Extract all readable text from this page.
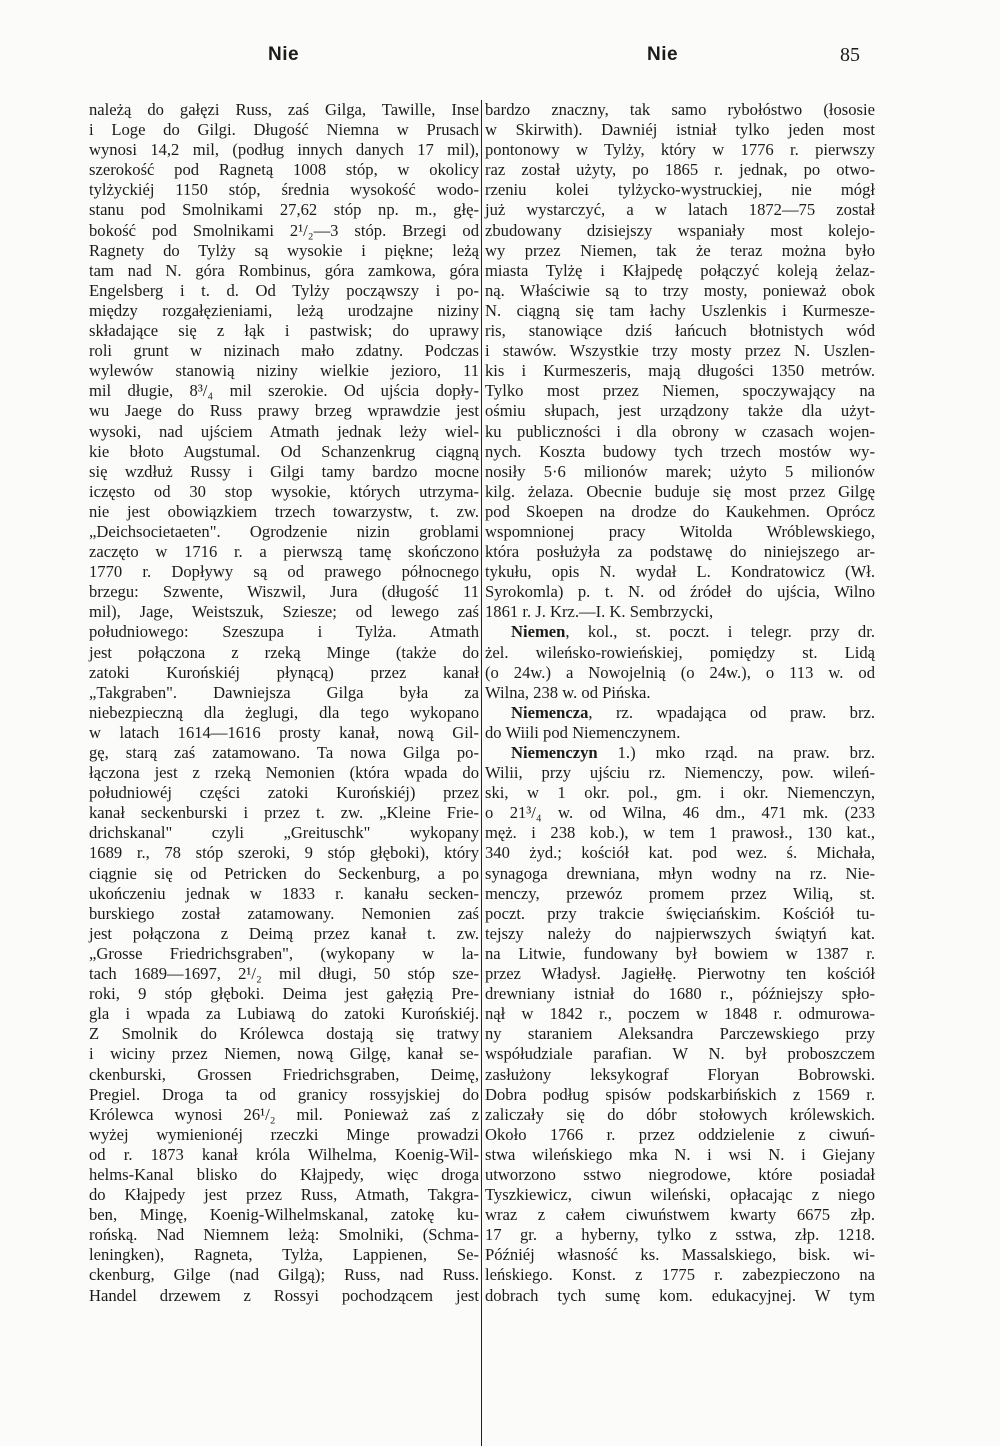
Nie	Nie	85
należą do gałęzi Russ, zaś Gilga, Tawille, Inse
i Loge do Gilgi. Długość Niemna w Prusach
wynosi 14,2 mil, (podług innych danych 17 mil),
szerokość pod Ragnetą 1008 stóp, w okolicy
tylżyckiéj 1150 stóp, średnia wysokość wodo-
stanu pod Smolnikami 27,62 stóp np. m., głę-
bokość pod Smolnikami 2¹/₂—3 stóp. Brzegi od
Ragnety do Tylży są wysokie i piękne; leżą
tam nad N. góra Rombinus, góra zamkowa, góra
Engelsberg i t. d. Od Tylży począwszy i po-
między rozgałęzieniami, leżą urodzajne niziny
składające się z łąk i pastwisk; do uprawy
roli grunt w nizinach mało zdatny. Podczas
wylewów stanowią niziny wielkie jezioro, 11
mil długie, 8³/₄ mil szerokie. Od ujścia dopły-
wu Jaege do Russ prawy brzeg wprawdzie jest
wysoki, nad ujściem Atmath jednak leży wiel-
kie błoto Augstumal. Od Schanzenkrug ciągną
się wzdłuż Russy i Gilgi tamy bardzo mocne
iczęsto od 30 stop wysokie, których utrzyma-
nie jest obowiązkiem trzech towarzystw, t. zw.
„Deichsocietaeten". Ogrodzenie nizin groblami
zaczęto w 1716 r. a pierwszą tamę skończono
1770 r. Dopływy są od prawego północnego
brzegu: Szwente, Wiszwil, Jura (długość 11
mil), Jage, Weistszuk, Sziesze; od lewego zaś
południowego: Szeszupa i Tylża. Atmath
jest połączona z rzeką Minge (także do
zatoki Kurońskiéj płynącą) przez kanał
„Takgraben". Dawniejsza Gilga była za
niebezpieczną dla żeglugi, dla tego wykopano
w latach 1614—1616 prosty kanał, nową Gil-
gę, starą zaś zatamowano. Ta nowa Gilga po-
łączona jest z rzeką Nemonien (która wpada do
południowéj części zatoki Kurońskiéj) przez
kanał seckenburski i przez t. zw. „Kleine Frie-
drichskanal" czyli „Greituschk" wykopany
1689 r., 78 stóp szeroki, 9 stóp głęboki), który
ciągnie się od Petricken do Seckenburg, a po
ukończeniu jednak w 1833 r. kanału secken-
burskiego został zatamowany. Nemonien zaś
jest połączona z Deimą przez kanał t. zw.
„Grosse Friedrichsgraben", (wykopany w la-
tach 1689—1697, 2¹/₂ mil długi, 50 stóp sze-
roki, 9 stóp głęboki. Deima jest gałęzią Pre-
gla i wpada za Lubiawą do zatoki Kurońskiéj.
Z Smolnik do Królewca dostają się tratwy
i wiciny przez Niemen, nową Gilgę, kanał se-
ckenburski, Grossen Friedrichsgraben, Deimę,
Pregiel. Droga ta od granicy rossyjskiej do
Królewca wynosi 26¹/₂ mil. Ponieważ zaś z
wyżej wymienionéj rzeczki Minge prowadzi
od r. 1873 kanał króla Wilhelma, Koenig-Wil-
helms-Kanal blisko do Kłajpedy, więc droga
do Kłajpedy jest przez Russ, Atmath, Takgra-
ben, Mingę, Koenig-Wilhelmskanal, zatokę ku-
rońską. Nad Niemnem leżą: Smolniki, (Schma-
leningken), Ragneta, Tylża, Lappienen, Se-
ckenburg, Gilge (nad Gilgą); Russ, nad Russ.
Handel drzewem z Rossyi pochodzącem jest
bardzo znaczny, tak samo rybołóstwo (łososie
w Skirwith). Dawniéj istniał tylko jeden most
pontonowy w Tylży, który w 1776 r. pierwszy
raz został użyty, po 1865 r. jednak, po otwo-
rzeniu kolei tylżycko-wystruckiej, nie mógł
już wystarczyć, a w latach 1872—75 został
zbudowany dzisiejszy wspaniały most kolejo-
wy przez Niemen, tak że teraz można było
miasta Tylżę i Kłajpedę połączyć koleją żelaz-
ną. Właściwie są to trzy mosty, ponieważ obok
N. ciągną się tam łachy Uszlenkis i Kurmesze-
ris, stanowiące dziś łańcuch błotnistych wód
i stawów. Wszystkie trzy mosty przez N. Uszlen-
kis i Kurmeszeris, mają długości 1350 metrów.
Tylko most przez Niemen, spoczywający na
ośmiu słupach, jest urządzony także dla użyt-
ku publiczności i dla obrony w czasach wojen-
nych. Koszta budowy tych trzech mostów wy-
nosiły 5·6 milionów marek; użyto 5 milionów
kilg. żelaza. Obecnie buduje się most przez Gilgę
pod Skoepen na drodze do Kaukehmen. Oprócz
wspomnionej pracy Witolda Wróblewskiego,
która posłużyła za podstawę do niniejszego ar-
tykułu, opis N. wydał L. Kondratowicz (Wł.
Syrokomla) p. t. N. od źródeł do ujścia, Wilno
1861 r. J. Krz.—I. K. Sembrzycki,
Niemen, kol., st. poczt. i telegr. przy dr.
żel. wileńsko-rowieńskiej, pomiędzy st. Lidą
(o 24w.) a Nowojelnią (o 24w.), o 113 w. od
Wilna, 238 w. od Pińska.
Niemencza, rz. wpadająca od praw. brz.
do Wiili pod Niemenczynem.
Niemenczyn 1.) mko rząd. na praw. brz.
Wilii, przy ujściu rz. Niemenczy, pow. wileń-
ski, w 1 okr. pol., gm. i okr. Niemenczyn,
o 21³/₄ w. od Wilna, 46 dm., 471 mk. (233
męż. i 238 kob.), w tem 1 prawosł., 130 kat.,
340 żyd.; kościół kat. pod wez. ś. Michała,
synagoga drewniana, młyn wodny na rz. Nie-
menczy, przewóz promem przez Wilią, st.
poczt. przy trakcie święciańskim. Kościół tu-
tejszy należy do najpierwszych świątyń kat.
na Litwie, fundowany był bowiem w 1387 r.
przez Władysł. Jagiełłę. Pierwotny ten kościół
drewniany istniał do 1680 r., późniejszy spło-
nął w 1842 r., poczem w 1848 r. odmurowa-
ny staraniem Aleksandra Parczewskiego przy
współudziale parafian. W N. był proboszczem
zasłużony leksykograf Floryan Bobrowski.
Dobra podług spisów podskarbińskich z 1569 r.
zaliczały się do dóbr stołowych królewskich.
Około 1766 r. przez oddzielenie z ciwuń-
stwa wileńskiego mka N. i wsi N. i Giejany
utworzono sstwo niegrodowe, które posiadał
Tyszkiewicz, ciwun wileński, opłacając z niego
wraz z całem ciwuństwem kwarty 6675 złp.
17 gr. a hyberny, tylko z sstwa, złp. 1218.
Późniéj własność ks. Massalskiego, bisk. wi-
leńskiego. Konst. z 1775 r. zabezpieczono na
dobrach tych sumę kom. edukacyjnej. W tym
